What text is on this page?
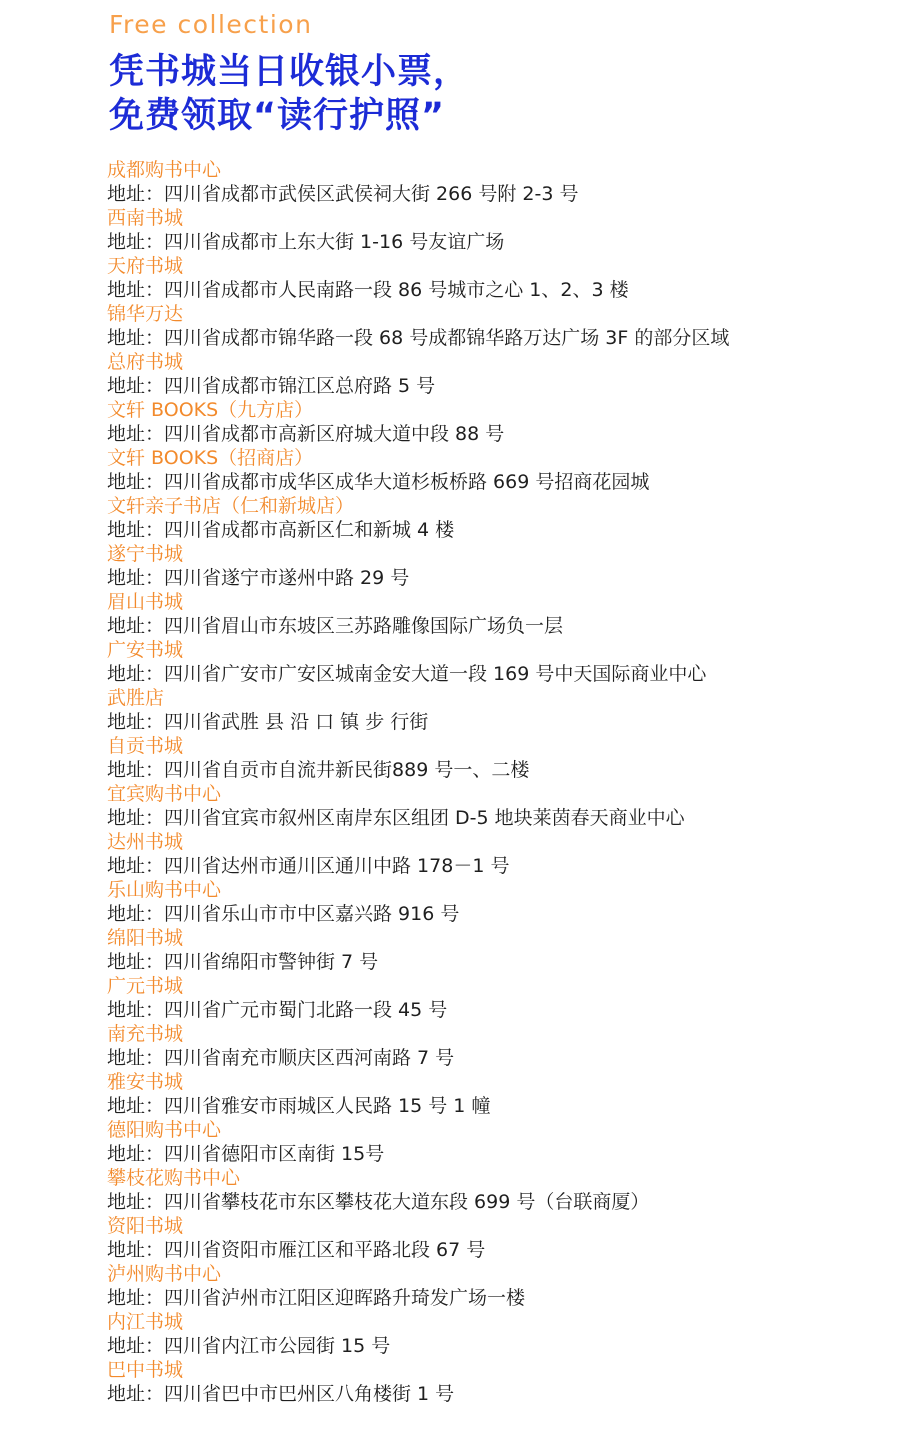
Free collection

凭书城当日收银小票，
免费领取“读行护照”
成都购书中心
地址：四川省成都市武侯区武侯祠大街 266 号附 2-3 号
西南书城
地址：四川省成都市上东大街 1-16 号友谊广场
天府书城
地址：四川省成都市人民南路一段 86 号城市之心 1、2、3 楼
锦华万达
地址：四川省成都市锦华路一段 68 号成都锦华路万达广场 3F 的部分区域
总府书城
地址：四川省成都市锦江区总府路 5 号
文轩 BOOKS（九方店）
地址：四川省成都市高新区府城大道中段 88 号
文轩 BOOKS（招商店）
地址：四川省成都市成华区成华大道杉板桥路 669 号招商花园城
文轩亲子书店（仁和新城店）
地址：四川省成都市高新区仁和新城 4 楼
遂宁书城
地址：四川省遂宁市遂州中路 29 号
眉山书城
地址：四川省眉山市东坡区三苏路雕像国际广场负一层
广安书城
地址：四川省广安市广安区城南金安大道一段 169 号中天国际商业中心
武胜店
地址：四川省武胜 县 沿 口 镇 步 行街
自贡书城
地址：四川省自贡市自流井新民街889 号一、二楼
宜宾购书中心
地址：四川省宜宾市叙州区南岸东区组团 D-5 地块莱茵春天商业中心
达州书城
地址：四川省达州市通川区通川中路 178－1 号
乐山购书中心
地址：四川省乐山市市中区嘉兴路 916 号
绵阳书城
地址：四川省绵阳市警钟街 7 号
广元书城
地址：四川省广元市蜀门北路一段 45 号
南充书城
地址：四川省南充市顺庆区西河南路 7 号
雅安书城
地址：四川省雅安市雨城区人民路 15 号 1 幢
德阳购书中心
地址：四川省德阳市区南街 15号
攀枝花购书中心
地址：四川省攀枝花市东区攀枝花大道东段 699 号（台联商厦）
资阳书城
地址：四川省资阳市雁江区和平路北段 67 号
泸州购书中心
地址：四川省泸州市江阳区迎晖路升琦发广场一楼
内江书城
地址：四川省内江市公园街 15 号
巴中书城
地址：四川省巴中市巴州区八角楼街 1 号
